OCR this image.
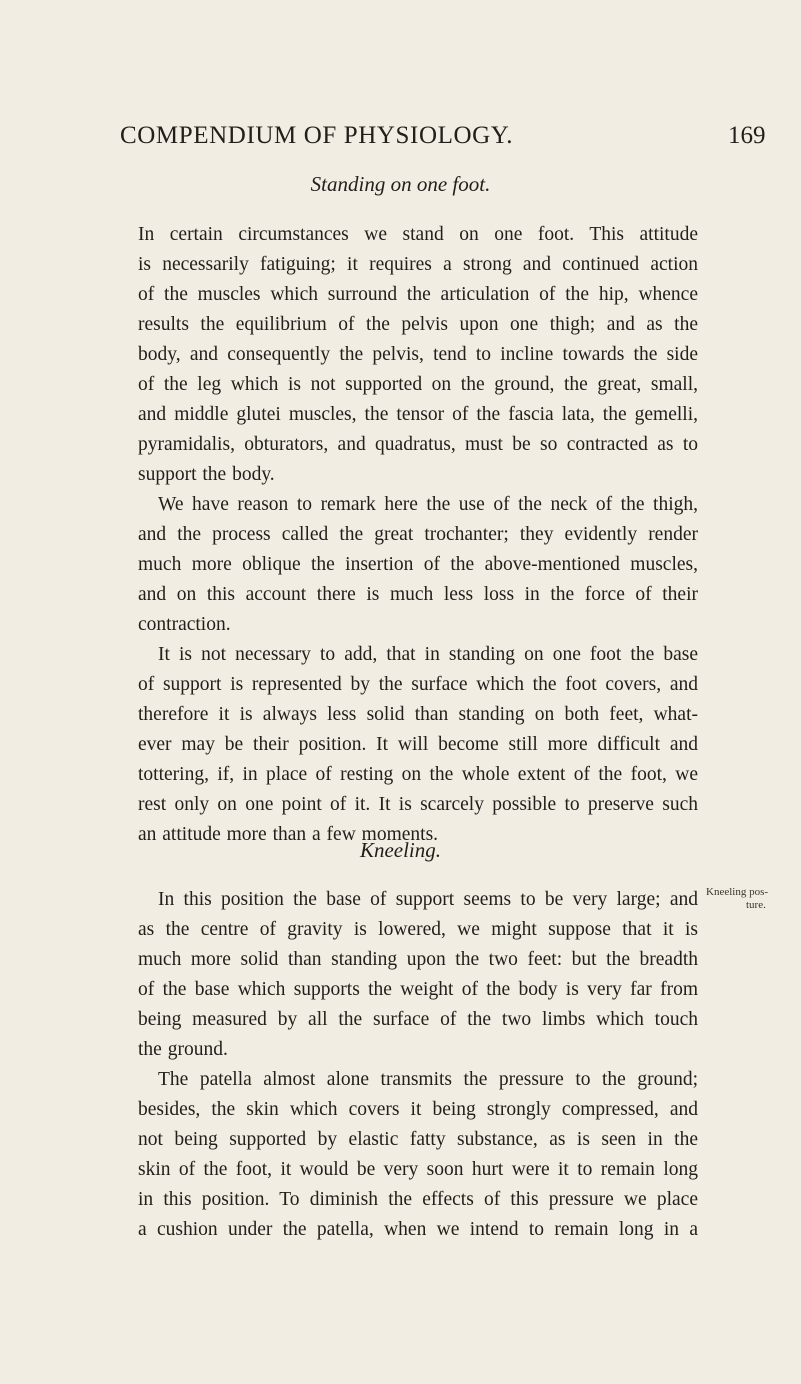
COMPENDIUM OF PHYSIOLOGY.	169
Standing on one foot.
In certain circumstances we stand on one foot. This attitude
is necessarily fatiguing; it requires a strong and continued action
of the muscles which surround the articulation of the hip, whence
results the equilibrium of the pelvis upon one thigh; and as the
body, and consequently the pelvis, tend to incline towards the side
of the leg which is not supported on the ground, the great, small,
and middle glutei muscles, the tensor of the fascia lata, the gemelli,
pyramidalis, obturators, and quadratus, must be so contracted as to
support the body.
We have reason to remark here the use of the neck of the thigh,
and the process called the great trochanter; they evidently render
much more oblique the insertion of the above-mentioned muscles,
and on this account there is much less loss in the force of their
contraction.
It is not necessary to add, that in standing on one foot the base
of support is represented by the surface which the foot covers, and
therefore it is always less solid than standing on both feet, what-
ever may be their position. It will become still more difficult and
tottering, if, in place of resting on the whole extent of the foot, we
rest only on one point of it. It is scarcely possible to preserve such
an attitude more than a few moments.
Kneeling.
In this position the base of support seems to be very large; and
as the centre of gravity is lowered, we might suppose that it is
much more solid than standing upon the two feet: but the breadth
of the base which supports the weight of the body is very far from
being measured by all the surface of the two limbs which touch
the ground.
The patella almost alone transmits the pressure to the ground;
besides, the skin which covers it being strongly compressed, and
not being supported by elastic fatty substance, as is seen in the
skin of the foot, it would be very soon hurt were it to remain long
in this position. To diminish the effects of this pressure we place
a cushion under the patella, when we intend to remain long in a
Kneeling pos-
ture.
